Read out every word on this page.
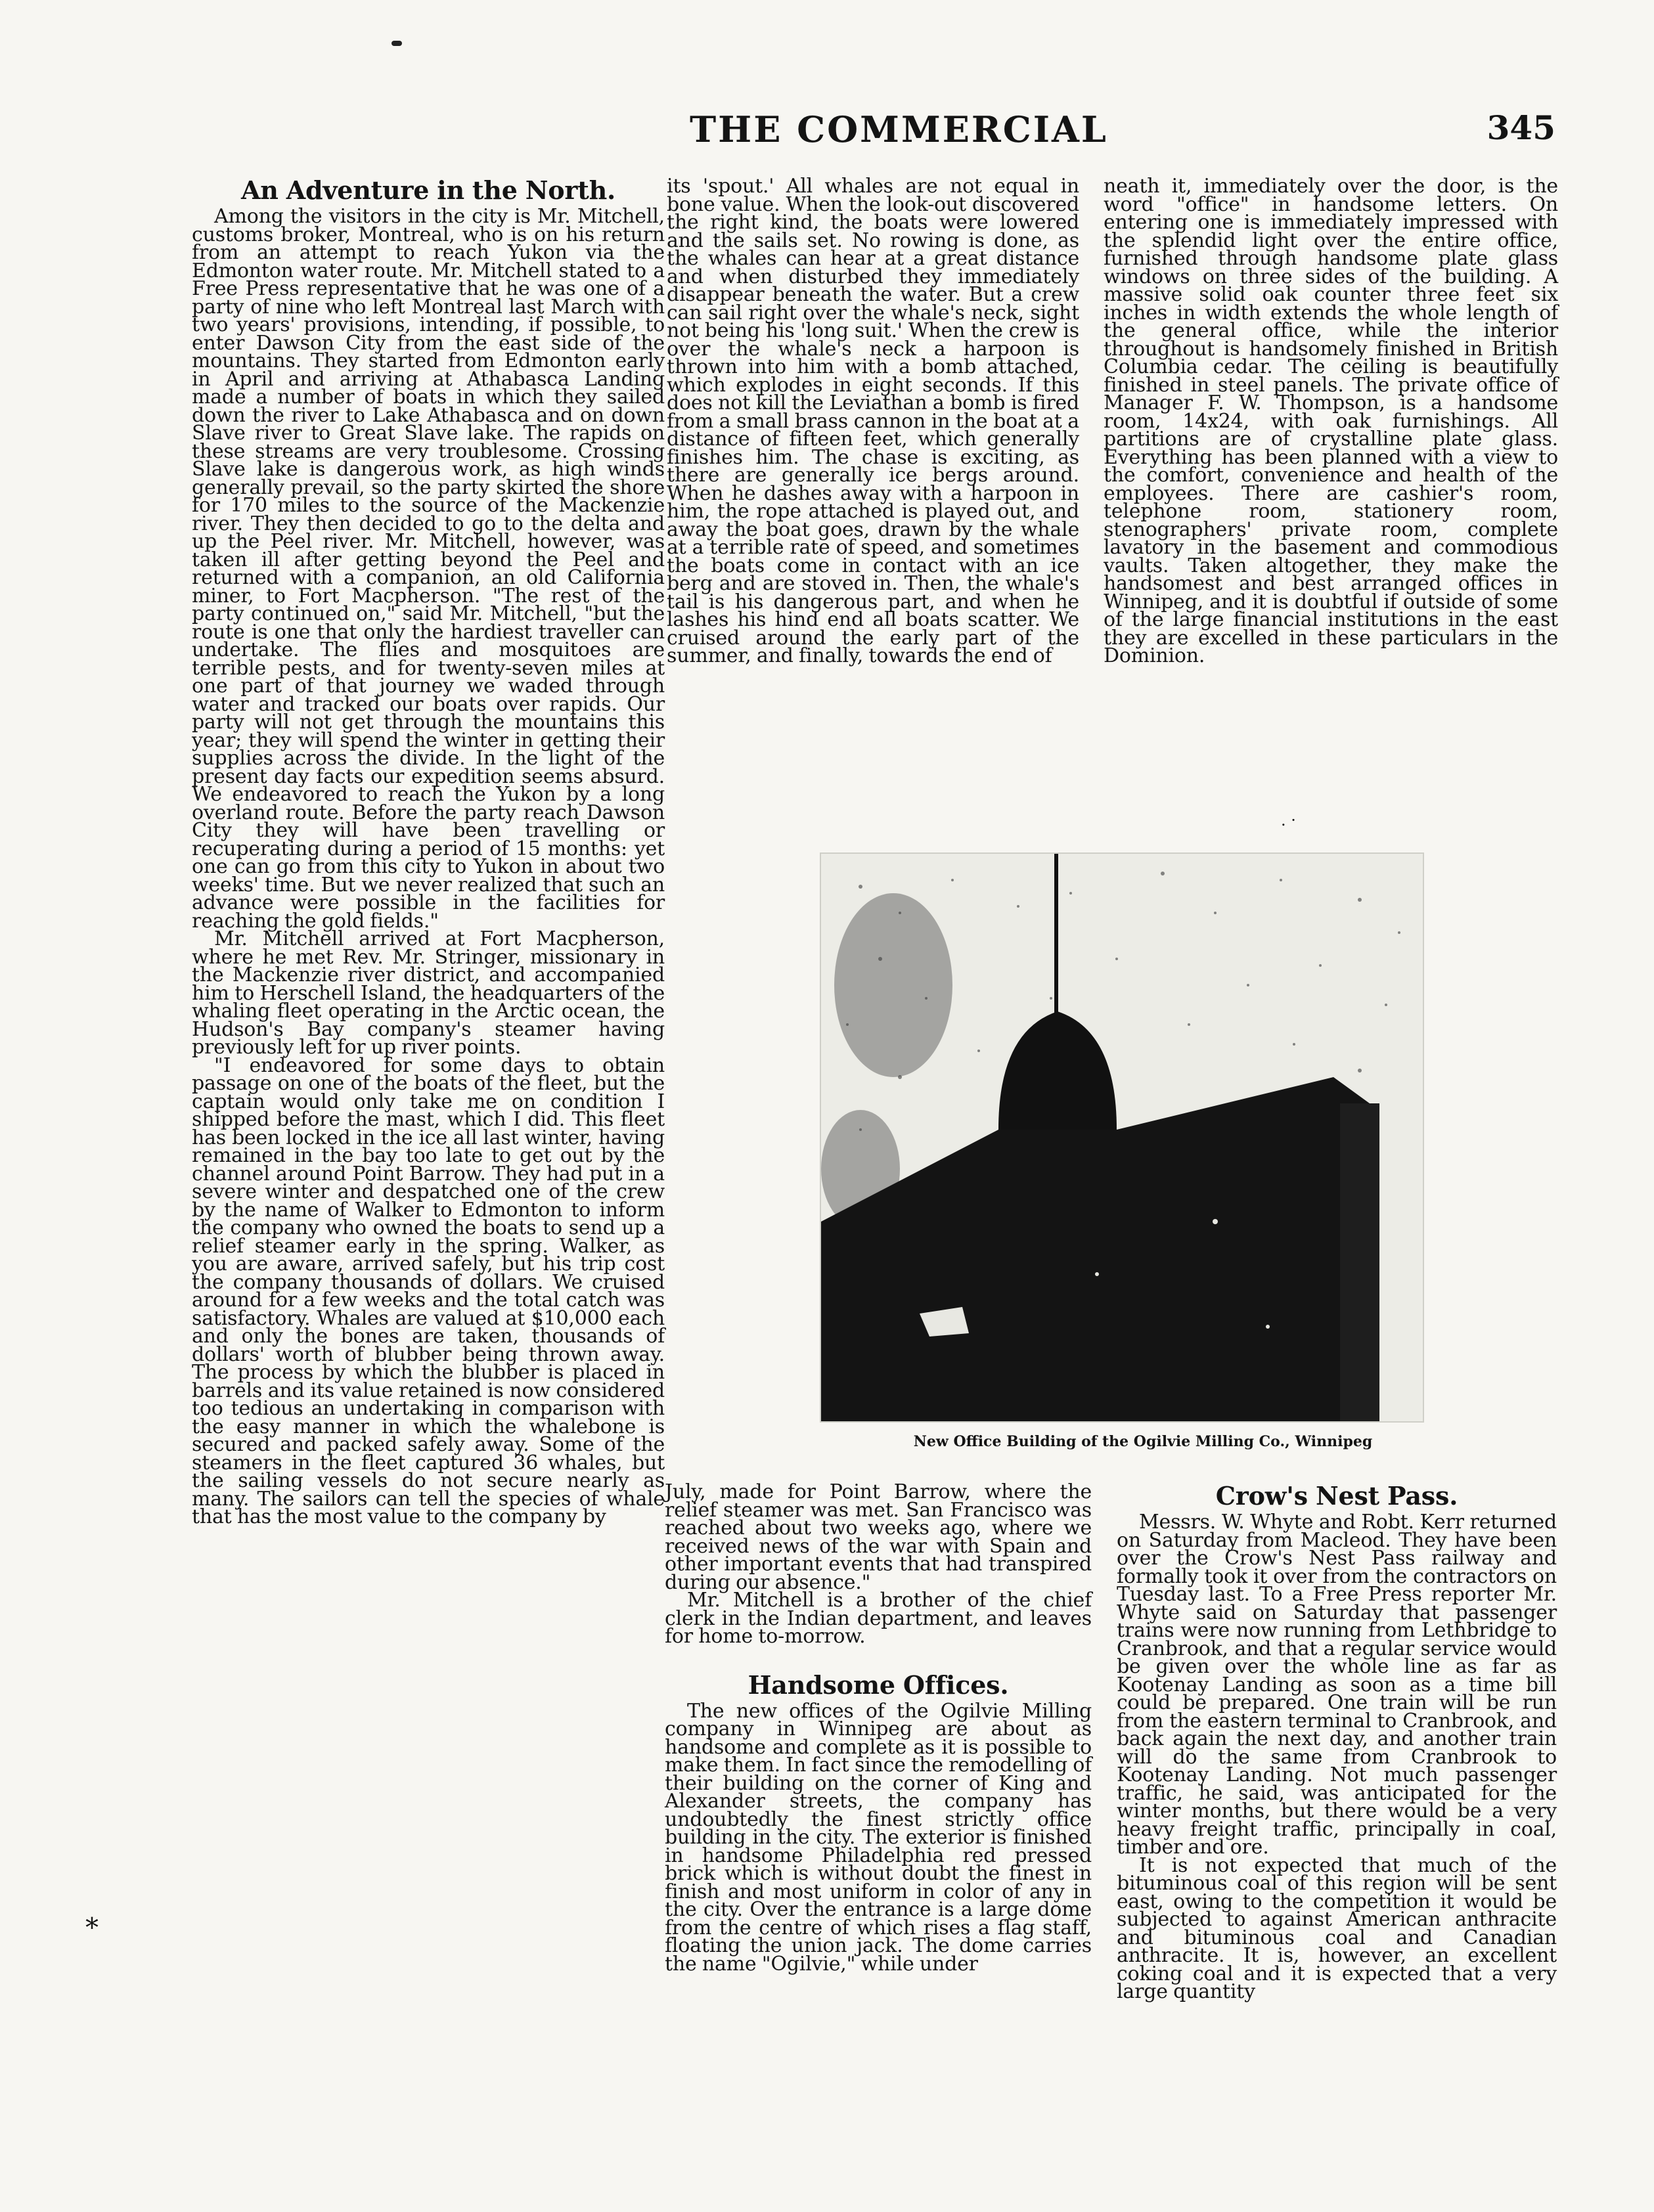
⁎
THE COMMERCIAL	345

An Adventure in the North.

Among the visitors in the city is Mr. Mitchell, customs broker, Montreal, who is on his return from an attempt to reach Yukon via the Edmonton water route. Mr. Mitchell stated to a Free Press representative that he was one of a party of nine who left Montreal last March with two years' provisions, intending, if possible, to enter Dawson City from the east side of the mountains. They started from Edmonton early in April and arriving at Athabasca Landing made a number of boats in which they sailed down the river to Lake Athabasca and on down Slave river to Great Slave lake. The rapids on these streams are very troublesome. Crossing Slave lake is dangerous work, as high winds generally prevail, so the party skirted the shore for 170 miles to the source of the Mackenzie river. They then decided to go to the delta and up the Peel river. Mr. Mitchell, however, was taken ill after getting beyond the Peel and returned with a companion, an old California miner, to Fort Macpherson. "The rest of the party continued on," said Mr. Mitchell, "but the route is one that only the hardiest traveller can undertake. The flies and mosquitoes are terrible pests, and for twenty-seven miles at one part of that journey we waded through water and tracked our boats over rapids. Our party will not get through the mountains this year; they will spend the winter in getting their supplies across the divide. In the light of the present day facts our expedition seems absurd. We endeavored to reach the Yukon by a long overland route. Before the party reach Dawson City they will have been travelling or recuperating during a period of 15 months: yet one can go from this city to Yukon in about two weeks' time. But we never realized that such an advance were possible in the facilities for reaching the gold fields."

Mr. Mitchell arrived at Fort Macpherson, where he met Rev. Mr. Stringer, missionary in the Mackenzie river district, and accompanied him to Herschell Island, the headquarters of the whaling fleet operating in the Arctic ocean, the Hudson's Bay company's steamer having previously left for up river points.

"I endeavored for some days to obtain passage on one of the boats of the fleet, but the captain would only take me on condition I shipped before the mast, which I did. This fleet has been locked in the ice all last winter, having remained in the bay too late to get out by the channel around Point Barrow. They had put in a severe winter and despatched one of the crew by the name of Walker to Edmonton to inform the company who owned the boats to send up a relief steamer early in the spring. Walker, as you are aware, arrived safely, but his trip cost the company thousands of dollars. We cruised around for a few weeks and the total catch was satisfactory. Whales are valued at $10,000 each and only the bones are taken, thousands of dollars' worth of blubber being thrown away. The process by which the blubber is placed in barrels and its value retained is now considered too tedious an undertaking in comparison with the easy manner in which the whalebone is secured and packed safely away. Some of the steamers in the fleet captured 36 whales, but the sailing vessels do not secure nearly as many. The sailors can tell the species of whale that has the most value to the company by

its 'spout.' All whales are not equal in bone value. When the look-out discovered the right kind, the boats were lowered and the sails set. No rowing is done, as the whales can hear at a great distance and when disturbed they immediately disappear beneath the water. But a crew can sail right over the whale's neck, sight not being his 'long suit.' When the crew is over the whale's neck a harpoon is thrown into him with a bomb attached, which explodes in eight seconds. If this does not kill the Leviathan a bomb is fired from a small brass cannon in the boat at a distance of fifteen feet, which generally finishes him. The chase is exciting, as there are generally ice bergs around. When he dashes away with a harpoon in him, the rope attached is played out, and away the boat goes, drawn by the whale at a terrible rate of speed, and sometimes the boats come in contact with an ice berg and are stoved in. Then, the whale's tail is his dangerous part, and when he lashes his hind end all boats scatter. We cruised around the early part of the summer, and finally, towards the end of

neath it, immediately over the door, is the word "office" in handsome letters. On entering one is immediately impressed with the splendid light over the entire office, furnished through handsome plate glass windows on three sides of the building. A massive solid oak counter three feet six inches in width extends the whole length of the general office, while the interior throughout is handsomely finished in British Columbia cedar. The ceiling is beautifully finished in steel panels. The private office of Manager F. W. Thompson, is a handsome room, 14x24, with oak furnishings. All partitions are of crystalline plate glass. Everything has been planned with a view to the comfort, convenience and health of the employees. There are cashier's room, telephone room, stationery room, stenographers' private room, complete lavatory in the basement and commodious vaults. Taken altogether, they make the handsomest and best arranged offices in Winnipeg, and it is doubtful if outside of some of the large financial institutions in the east they are excelled in these particulars in the Dominion.

. ·
New Office Building of the Ogilvie Milling Co., Winnipeg

July, made for Point Barrow, where the relief steamer was met. San Francisco was reached about two weeks ago, where we received news of the war with Spain and other important events that had transpired during our absence."

Mr. Mitchell is a brother of the chief clerk in the Indian department, and leaves for home to-morrow.

Handsome Offices.

The new offices of the Ogilvie Milling company in Winnipeg are about as handsome and complete as it is possible to make them. In fact since the remodelling of their building on the corner of King and Alexander streets, the company has undoubtedly the finest strictly office building in the city. The exterior is finished in handsome Philadelphia red pressed brick which is without doubt the finest in finish and most uniform in color of any in the city. Over the entrance is a large dome from the centre of which rises a flag staff, floating the union jack. The dome carries the name "Ogilvie," while under

Crow's Nest Pass.

Messrs. W. Whyte and Robt. Kerr returned on Saturday from Macleod. They have been over the Crow's Nest Pass railway and formally took it over from the contractors on Tuesday last. To a Free Press reporter Mr. Whyte said on Saturday that passenger trains were now running from Lethbridge to Cranbrook, and that a regular service would be given over the whole line as far as Kootenay Landing as soon as a time bill could be prepared. One train will be run from the eastern terminal to Cranbrook, and back again the next day, and another train will do the same from Cranbrook to Kootenay Landing. Not much passenger traffic, he said, was anticipated for the winter months, but there would be a very heavy freight traffic, principally in coal, timber and ore.

It is not expected that much of the bituminous coal of this region will be sent east, owing to the competition it would be subjected to against American anthracite and bituminous coal and Canadian anthracite. It is, however, an excellent coking coal and it is expected that a very large quantity
